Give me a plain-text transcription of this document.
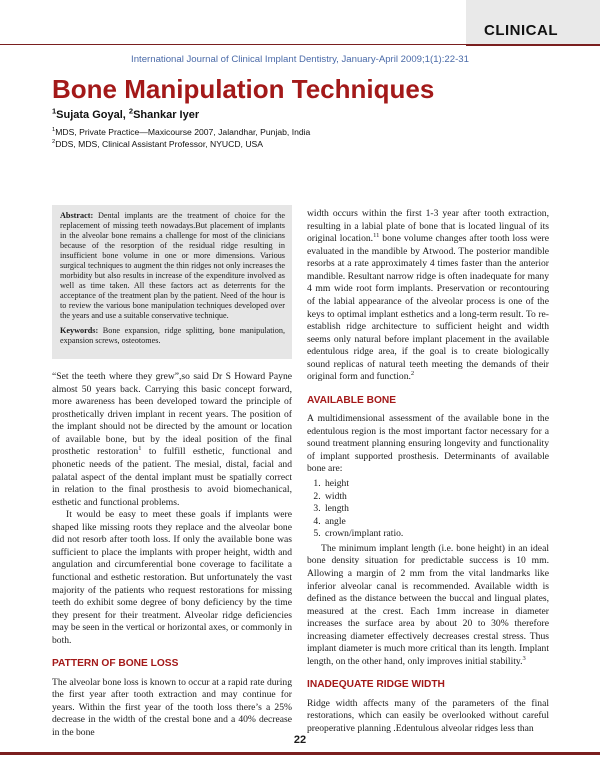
CLINICAL
International Journal of Clinical Implant Dentistry, January-April 2009;1(1):22-31
Bone Manipulation Techniques
$^1$Sujata Goyal, $^2$Shankar Iyer
$^1$MDS, Private Practice—Maxicourse 2007, Jalandhar, Punjab, India
$^2$DDS, MDS, Clinical Assistant Professor, NYUCD, USA

Abstract: Dental implants are the treatment of choice for the replacement of missing teeth nowadays.But placement of implants in the alveolar bone remains a challenge for most of the clinicians because of the resorption of the residual ridge resulting in insufficient bone volume in one or more dimensions. Various surgical techniques to augment the thin ridges not only increases the morbidity but also results in increase of the expenditure involved as well as time taken. All these factors act as deterrents for the acceptance of the treatment plan by the patient. Need of the hour is to review the various bone manipulation techniques developed over the years and use a suitable conservative technique.

Keywords: Bone expansion, ridge splitting, bone manipulation, expansion screws, osteotomes.

“Set the teeth where they grew”,so said Dr S Howard Payne almost 50 years back. Carrying this basic concept forward, more awareness has been developed toward the principle of prosthetically driven implant in recent years. The position of the implant should not be directed by the amount or location of available bone, but by the ideal position of the final prosthetic restoration$^1$ to fulfill esthetic, functional and phonetic needs of the patient. The mesial, distal, facial and palatal aspect of the dental implant must be spatially correct in relation to the final prosthesis to avoid biomechanical, esthetic and functional problems.

It would be easy to meet these goals if implants were shaped like missing roots they replace and the alveolar bone did not resorb after tooth loss. If only the available bone was sufficient to place the implants with proper height, width and angulation and circumferential bone coverage to facilitate a functional and esthetic restoration. But unfortunately the vast majority of the patients who request restorations for missing teeth do exhibit some degree of bony deficiency by the time they present for their treatment. Alveolar ridge deficiencies may be seen in the vertical or horizontal axes, or commonly in both.

PATTERN OF BONE LOSS

The alveolar bone loss is known to occur at a rapid rate during the first year after tooth extraction and may continue for years. Within the first year of the tooth loss there’s a 25% decrease in the width of the crestal bone and a 40% decrease in the bone

width occurs within the first 1-3 year after tooth extraction, resulting in a labial plate of bone that is located lingual of its original location.$^{11}$ bone volume changes after tooth loss were evaluated in the mandible by Atwood. The posterior mandible resorbs at a rate approximately 4 times faster than the anterior mandible. Resultant narrow ridge is often inadequate for many 4 mm wide root form implants. Preservation or recontouring of the labial appearance of the alveolar process is one of the keys to optimal implant esthetics and a long-term result. To re-establish ridge architecture to sufficient height and width seems only natural before implant placement in the available edentulous ridge area, if the goal is to create biologically sound replicas of natural teeth meeting the demands of their original form and function.$^2$

AVAILABLE BONE

A multidimensional assessment of the available bone in the edentulous region is the most important factor necessary for a sound treatment planning ensuring longevity and functionality of implant supported prosthesis. Determinants of available bone are:

1. height
2. width
3. length
4. angle
5. crown/implant ratio.

The minimum implant length (i.e. bone height) in an ideal bone density situation for predictable success is 10 mm. Allowing a margin of 2 mm from the vital landmarks like inferior alveolar canal is recommended. Available width is defined as the distance between the buccal and lingual plates, measured at the crest. Each 1mm increase in diameter increases the surface area by about 20 to 30% therefore increasing diameter effectively decreases crestal stress. Thus implant diameter is much more critical than its length. Implant length, on the other hand, only improves initial stability.$^3$

INADEQUATE RIDGE WIDTH

Ridge width affects many of the parameters of the final restorations, which can easily be overlooked without careful preoperative planning .Edentulous alveolar ridges less than

22
